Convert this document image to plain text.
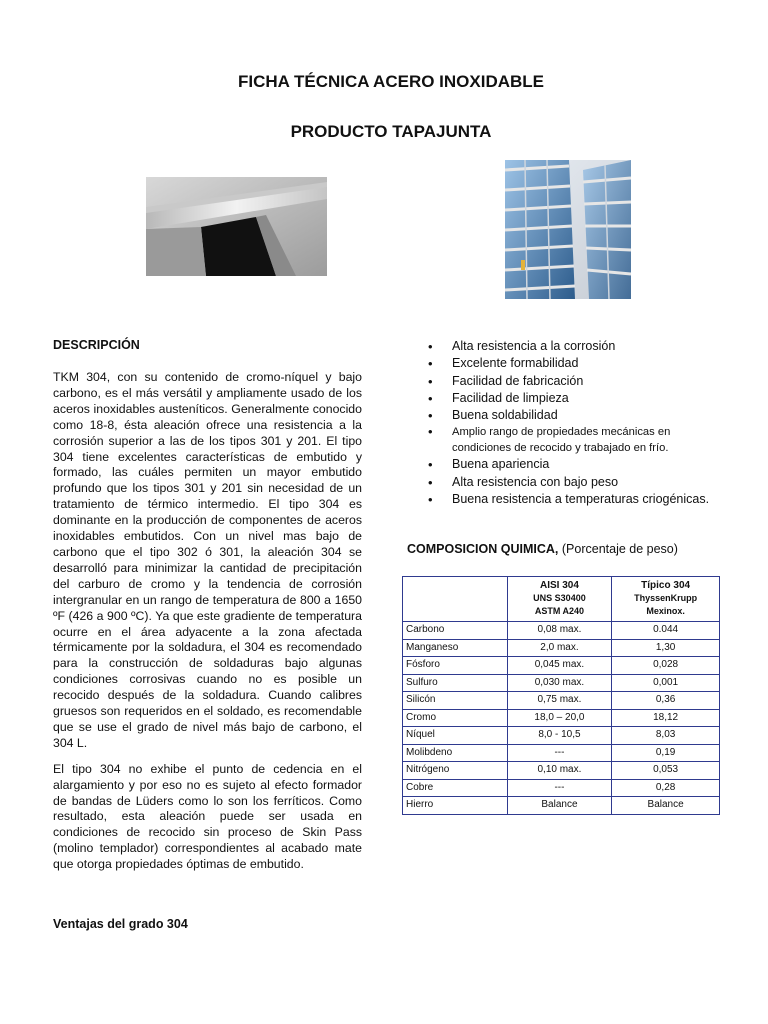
FICHA TÉCNICA ACERO INOXIDABLE
PRODUCTO TAPAJUNTA
DESCRIPCIÓN

TKM 304, con su contenido de cromo-níquel y bajo carbono, es el más versátil y ampliamente usado de los aceros inoxidables austeníticos. Generalmente conocido como 18-8, ésta aleación ofrece una resistencia a la corrosión superior a las de los tipos 301 y 201. El tipo 304 tiene excelentes características de embutido y formado, las cuáles permiten un mayor embutido profundo que los tipos 301 y 201 sin necesidad de un tratamiento de térmico intermedio. El tipo 304 es dominante en la producción de componentes de aceros inoxidables embutidos. Con un nivel mas bajo de carbono que el tipo 302 ó 301, la aleación 304 se desarrolló para minimizar la cantidad de precipitación del carburo de cromo y la tendencia de corrosión intergranular en un rango de temperatura de 800 a 1650 ºF (426 a 900 ºC). Ya que este gradiente de temperatura ocurre en el área adyacente a la zona afectada térmicamente por la soldadura, el 304 es recomendado para la construcción de soldaduras bajo algunas condiciones corrosivas cuando no es posible un recocido después de la soldadura. Cuando calibres gruesos son requeridos en el soldado, es recomendable que se use el grado de nivel más bajo de carbono, el 304 L.

El tipo 304 no exhibe el punto de cedencia en el alargamiento y por eso no es sujeto al efecto formador de bandas de Lüders como lo son los ferríticos. Como resultado, esta aleación puede ser usada en condiciones de recocido sin proceso de Skin Pass (molino templador) correspondientes al acabado mate que otorga propiedades óptimas de embutido.

Ventajas del grado 304
• Alta resistencia a la corrosión
• Excelente formabilidad
• Facilidad de fabricación
• Facilidad de limpieza
• Buena soldabilidad
• Amplio rango de propiedades mecánicas en condiciones de recocido y trabajado en frío.
• Buena apariencia
• Alta resistencia con bajo peso
• Buena resistencia a temperaturas criogénicas.

COMPOSICION QUIMICA, (Porcentaje de peso)

	AISI 304
UNS S30400
ASTM A240	Típico 304
ThyssenKrupp Mexinox.
Carbono	0,08 max.	0.044
Manganeso	2,0 max.	1,30
Fósforo	0,045 max.	0,028
Sulfuro	0,030 max.	0,001
Silicón	0,75 max.	0,36
Cromo	18,0 – 20,0	18,12
Níquel	8,0 - 10,5	8,03
Molibdeno	---	0,19
Nitrógeno	0,10 max.	0,053
Cobre	---	0,28
Hierro	Balance	Balance
